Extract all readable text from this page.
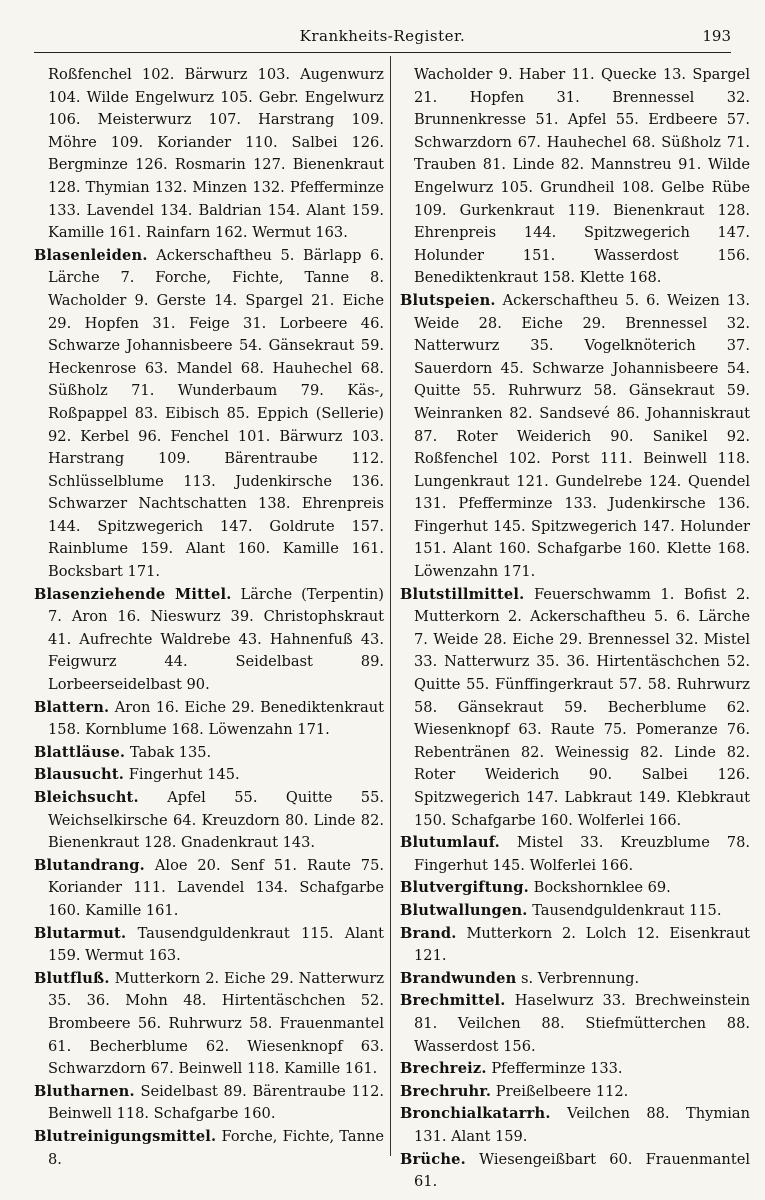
Krankheits-Register.	193

Roßfenchel 102. Bärwurz 103. Augenwurz 104. Wilde Engelwurz 105. Gebr. Engelwurz 106. Meisterwurz 107. Harstrang 109. Möhre 109. Koriander 110. Salbei 126. Bergminze 126. Rosmarin 127. Bienenkraut 128. Thymian 132. Minzen 132. Pfefferminze 133. Lavendel 134. Baldrian 154. Alant 159. Kamille 161. Rainfarn 162. Wermut 163.

Blasenleiden. Ackerschaftheu 5. Bärlapp 6. Lärche 7. Forche, Fichte, Tanne 8. Wacholder 9. Gerste 14. Spargel 21. Eiche 29. Hopfen 31. Feige 31. Lorbeere 46. Schwarze Johannisbeere 54. Gänsekraut 59. Heckenrose 63. Mandel 68. Hauhechel 68. Süßholz 71. Wunderbaum 79. Käs-, Roßpappel 83. Eibisch 85. Eppich (Sellerie) 92. Kerbel 96. Fenchel 101. Bärwurz 103. Harstrang 109. Bärentraube 112. Schlüsselblume 113. Judenkirsche 136. Schwarzer Nachtschatten 138. Ehrenpreis 144. Spitzwegerich 147. Goldrute 157. Rainblume 159. Alant 160. Kamille 161. Bocksbart 171.

Blasenziehende Mittel. Lärche (Terpentin) 7. Aron 16. Nieswurz 39. Christophskraut 41. Aufrechte Waldrebe 43. Hahnenfuß 43. Feigwurz 44. Seidelbast 89. Lorbeerseidelbast 90.

Blattern. Aron 16. Eiche 29. Benediktenkraut 158. Kornblume 168. Löwenzahn 171.

Blattläuse. Tabak 135.

Blausucht. Fingerhut 145.

Bleichsucht. Apfel 55. Quitte 55. Weichselkirsche 64. Kreuzdorn 80. Linde 82. Bienenkraut 128. Gnadenkraut 143.

Blutandrang. Aloe 20. Senf 51. Raute 75. Koriander 111. Lavendel 134. Schafgarbe 160. Kamille 161.

Blutarmut. Tausendguldenkraut 115. Alant 159. Wermut 163.

Blutfluß. Mutterkorn 2. Eiche 29. Natterwurz 35. 36. Mohn 48. Hirtentäschchen 52. Brombeere 56. Ruhrwurz 58. Frauenmantel 61. Becherblume 62. Wiesenknopf 63. Schwarzdorn 67. Beinwell 118. Kamille 161.

Blutharnen. Seidelbast 89. Bärentraube 112. Beinwell 118. Schafgarbe 160.

Blutreinigungsmittel. Forche, Fichte, Tanne 8.

Wacholder 9. Haber 11. Quecke 13. Spargel 21. Hopfen 31. Brennessel 32. Brunnenkresse 51. Apfel 55. Erdbeere 57. Schwarzdorn 67. Hauhechel 68. Süßholz 71. Trauben 81. Linde 82. Mannstreu 91. Wilde Engelwurz 105. Grundheil 108. Gelbe Rübe 109. Gurkenkraut 119. Bienenkraut 128. Ehrenpreis 144. Spitzwegerich 147. Holunder 151. Wasserdost 156. Benediktenkraut 158. Klette 168.

Blutspeien. Ackerschaftheu 5. 6. Weizen 13. Weide 28. Eiche 29. Brennessel 32. Natterwurz 35. Vogelknöterich 37. Sauerdorn 45. Schwarze Johannisbeere 54. Quitte 55. Ruhrwurz 58. Gänsekraut 59. Weinranken 82. Sandsevé 86. Johanniskraut 87. Roter Weiderich 90. Sanikel 92. Roßfenchel 102. Porst 111. Beinwell 118. Lungenkraut 121. Gundelrebe 124. Quendel 131. Pfefferminze 133. Judenkirsche 136. Fingerhut 145. Spitzwegerich 147. Holunder 151. Alant 160. Schafgarbe 160. Klette 168. Löwenzahn 171.

Blutstillmittel. Feuerschwamm 1. Bofist 2. Mutterkorn 2. Ackerschaftheu 5. 6. Lärche 7. Weide 28. Eiche 29. Brennessel 32. Mistel 33. Natterwurz 35. 36. Hirtentäschchen 52. Quitte 55. Fünffingerkraut 57. 58. Ruhrwurz 58. Gänsekraut 59. Becherblume 62. Wiesenknopf 63. Raute 75. Pomeranze 76. Rebentränen 82. Weinessig 82. Linde 82. Roter Weiderich 90. Salbei 126. Spitzwegerich 147. Labkraut 149. Klebkraut 150. Schafgarbe 160. Wolferlei 166.

Blutumlauf. Mistel 33. Kreuzblume 78. Fingerhut 145. Wolferlei 166.

Blutvergiftung. Bockshornklee 69.

Blutwallungen. Tausendguldenkraut 115.

Brand. Mutterkorn 2. Lolch 12. Eisenkraut 121.

Brandwunden s. Verbrennung.

Brechmittel. Haselwurz 33. Brechweinstein 81. Veilchen 88. Stiefmütterchen 88. Wasserdost 156.

Brechreiz. Pfefferminze 133.

Brechruhr. Preißelbeere 112.

Bronchialkatarrh. Veilchen 88. Thymian 131. Alant 159.

Brüche. Wiesengeißbart 60. Frauenmantel 61.
